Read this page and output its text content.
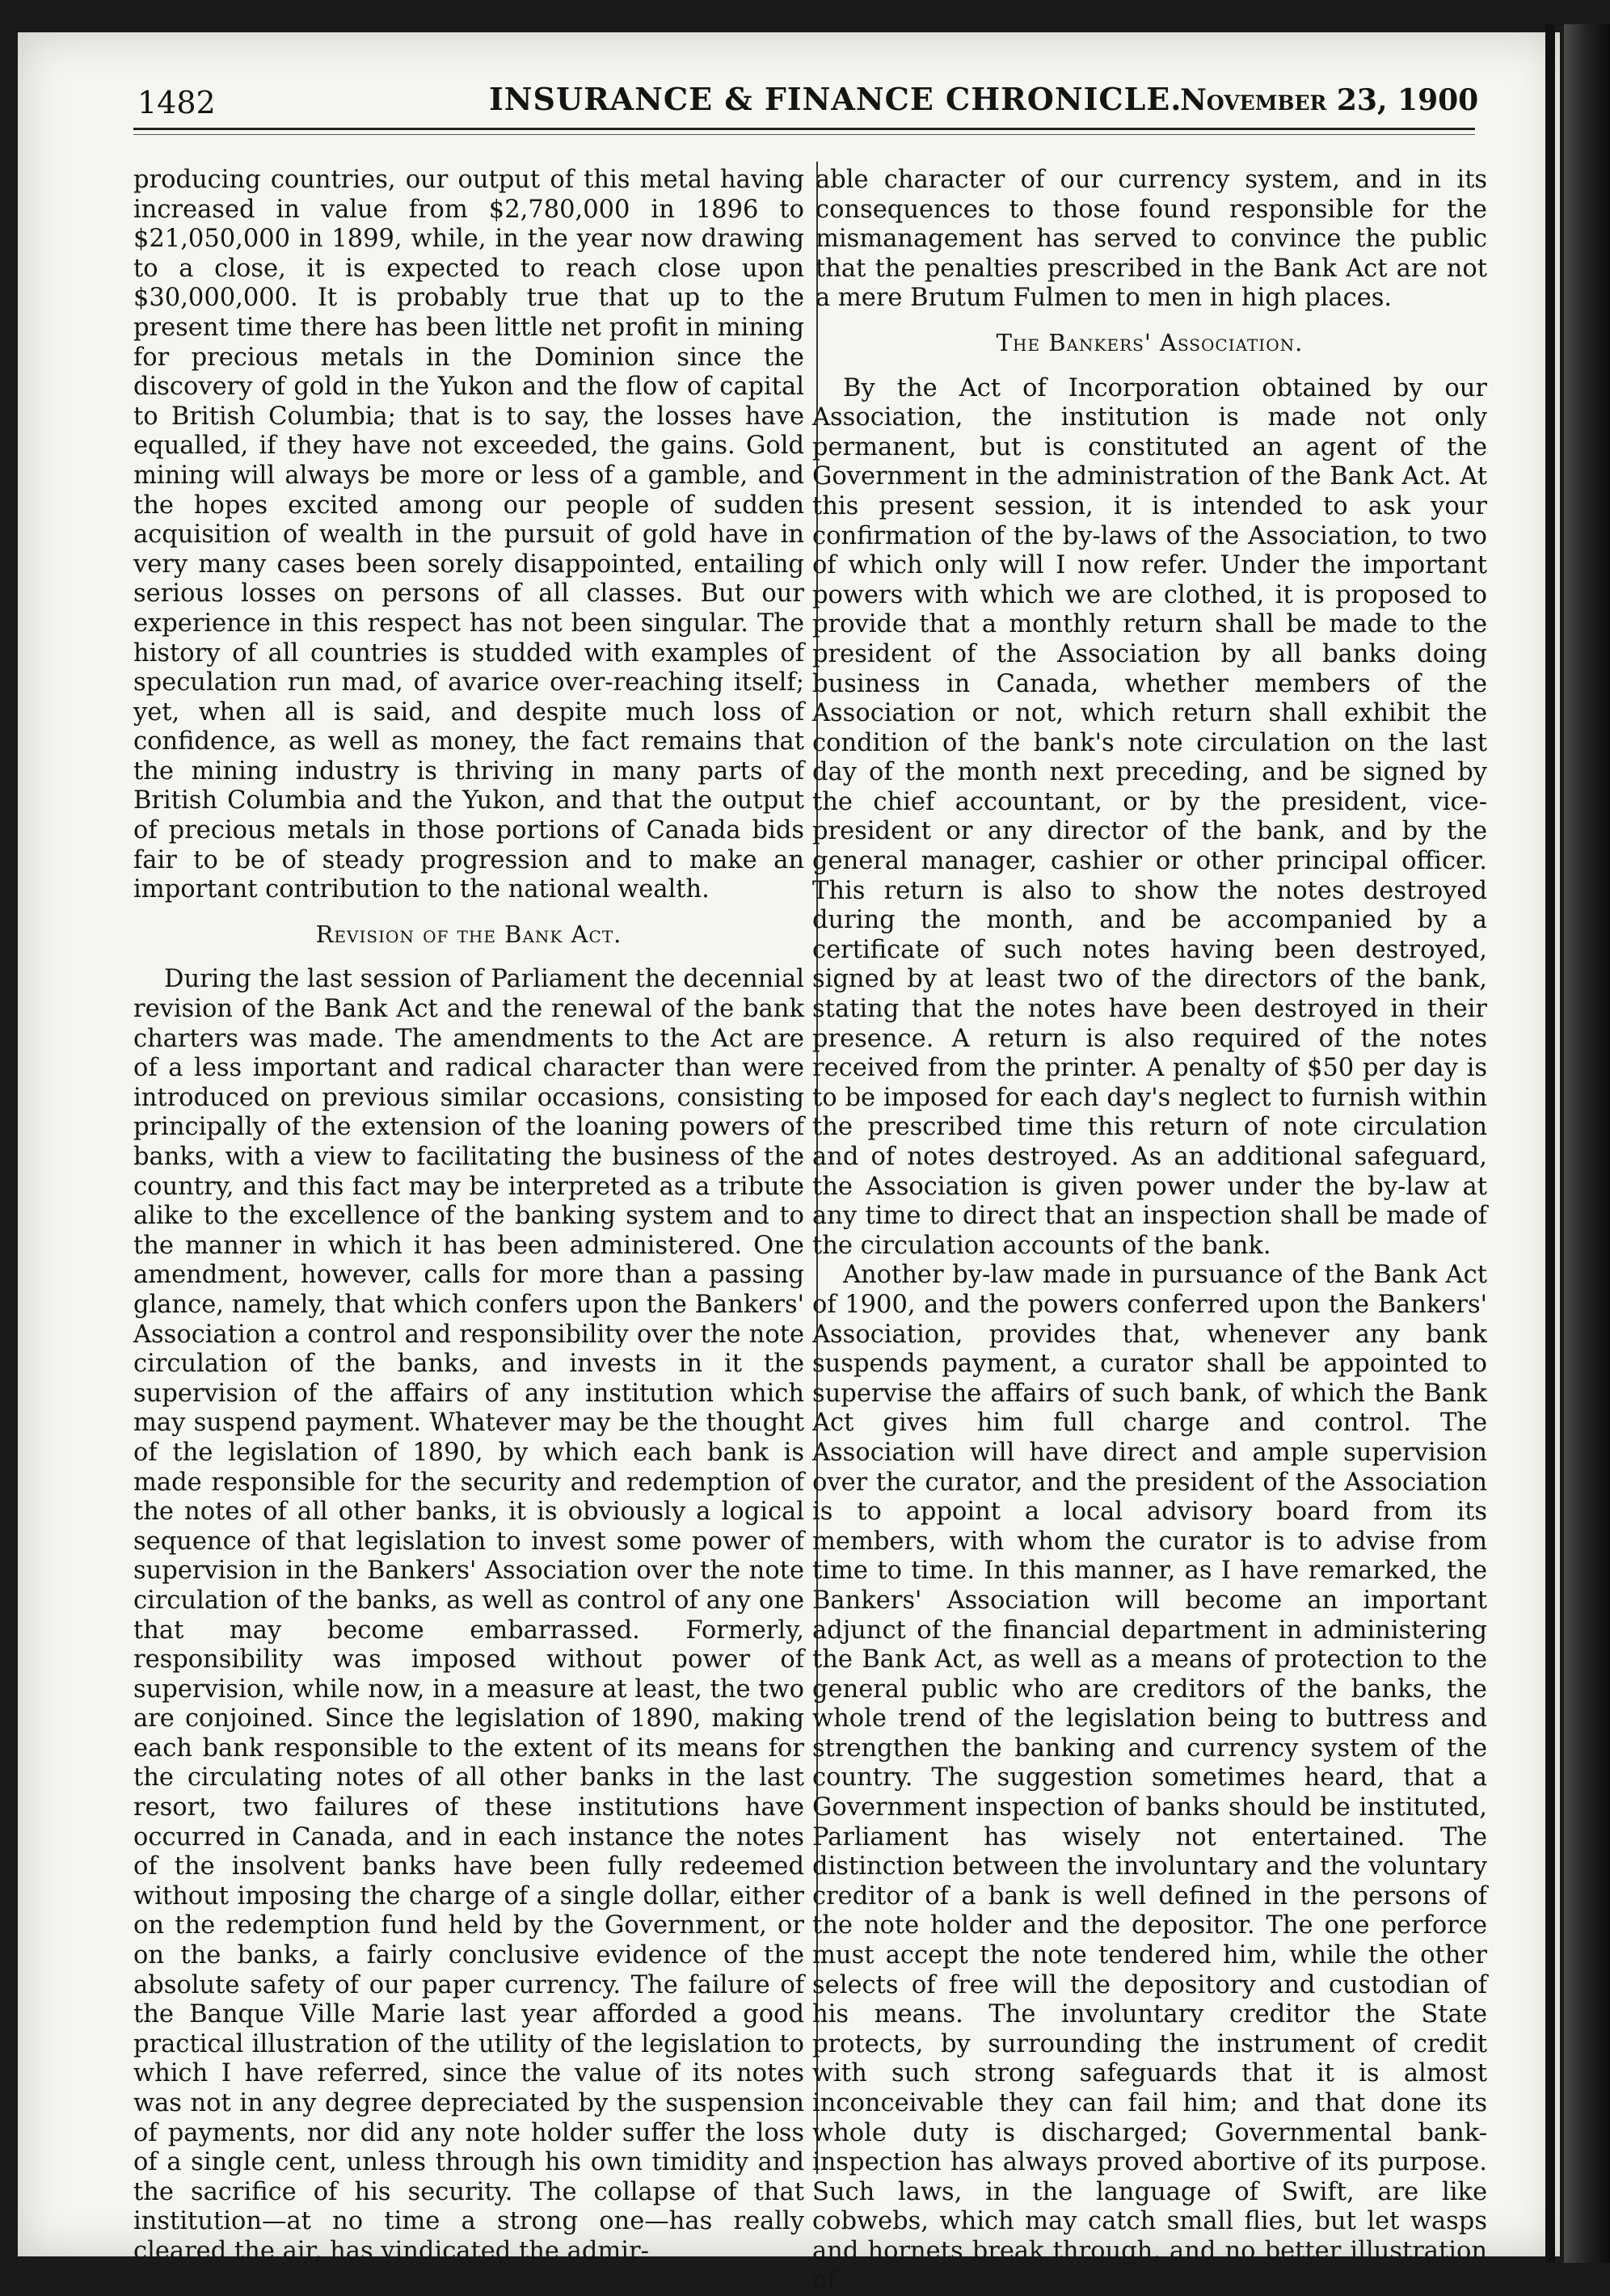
1482	INSURANCE & FINANCE CHRONICLE.
November 23, 1900

producing countries, our output of this metal having increased in value from $2,780,000 in 1896 to $21,050,000 in 1899, while, in the year now drawing to a close, it is expected to reach close upon $30,000,000. It is probably true that up to the present time there has been little net profit in mining for precious metals in the Dominion since the discovery of gold in the Yukon and the flow of capital to British Columbia; that is to say, the losses have equalled, if they have not exceeded, the gains. Gold mining will always be more or less of a gamble, and the hopes excited among our people of sudden acquisition of wealth in the pursuit of gold have in very many cases been sorely disappointed, entailing serious losses on persons of all classes. But our experience in this respect has not been singular. The history of all countries is studded with examples of speculation run mad, of avarice over-reaching itself; yet, when all is said, and despite much loss of confidence, as well as money, the fact remains that the mining industry is thriving in many parts of British Columbia and the Yukon, and that the output of precious metals in those portions of Canada bids fair to be of steady progression and to make an important contribution to the national wealth.

Revision of the Bank Act.

During the last session of Parliament the decennial revision of the Bank Act and the renewal of the bank charters was made. The amendments to the Act are of a less important and radical character than were introduced on previous similar occasions, consisting principally of the extension of the loaning powers of banks, with a view to facilitating the business of the country, and this fact may be interpreted as a tribute alike to the excellence of the banking system and to the manner in which it has been administered. One amendment, however, calls for more than a passing glance, namely, that which confers upon the Bankers' Association a control and responsibility over the note circulation of the banks, and invests in it the supervision of the affairs of any institution which may suspend payment. Whatever may be the thought of the legislation of 1890, by which each bank is made responsible for the security and redemption of the notes of all other banks, it is obviously a logical sequence of that legislation to invest some power of supervision in the Bankers' Association over the note circulation of the banks, as well as control of any one that may become embarrassed. Formerly, responsibility was imposed without power of supervision, while now, in a measure at least, the two are conjoined. Since the legislation of 1890, making each bank responsible to the extent of its means for the circulating notes of all other banks in the last resort, two failures of these institutions have occurred in Canada, and in each instance the notes of the insolvent banks have been fully redeemed without imposing the charge of a single dollar, either on the redemption fund held by the Government, or on the banks, a fairly conclusive evidence of the absolute safety of our paper currency. The failure of the Banque Ville Marie last year afforded a good practical illustration of the utility of the legislation to which I have referred, since the value of its notes was not in any degree depreciated by the suspension of payments, nor did any note holder suffer the loss of a single cent, unless through his own timidity and the sacrifice of his security. The collapse of that institution—at no time a strong one—has really cleared the air, has vindicated the admir-

able character of our currency system, and in its consequences to those found responsible for the mismanagement has served to convince the public that the penalties prescribed in the Bank Act are not a mere Brutum Fulmen to men in high places.

The Bankers' Association.

By the Act of Incorporation obtained by our Association, the institution is made not only permanent, but is constituted an agent of the Government in the administration of the Bank Act. At this present session, it is intended to ask your confirmation of the by-laws of the Association, to two of which only will I now refer. Under the important powers with which we are clothed, it is proposed to provide that a monthly return shall be made to the president of the Association by all banks doing business in Canada, whether members of the Association or not, which return shall exhibit the condition of the bank's note circulation on the last day of the month next preceding, and be signed by the chief accountant, or by the president, vice-president or any director of the bank, and by the general manager, cashier or other principal officer. This return is also to show the notes destroyed during the month, and be accompanied by a certificate of such notes having been destroyed, signed by at least two of the directors of the bank, stating that the notes have been destroyed in their presence. A return is also required of the notes received from the printer. A penalty of $50 per day is to be imposed for each day's neglect to furnish within the prescribed time this return of note circulation and of notes destroyed. As an additional safeguard, the Association is given power under the by-law at any time to direct that an inspection shall be made of the circulation accounts of the bank.

Another by-law made in pursuance of the Bank Act of 1900, and the powers conferred upon the Bankers' Association, provides that, whenever any bank suspends payment, a curator shall be appointed to supervise the affairs of such bank, of which the Bank Act gives him full charge and control. The Association will have direct and ample supervision over the curator, and the president of the Association is to appoint a local advisory board from its members, with whom the curator is to advise from time to time. In this manner, as I have remarked, the Bankers' Association will become an important adjunct of the financial department in administering the Bank Act, as well as a means of protection to the general public who are creditors of the banks, the whole trend of the legislation being to buttress and strengthen the banking and currency system of the country. The suggestion sometimes heard, that a Government inspection of banks should be instituted, Parliament has wisely not entertained. The distinction between the involuntary and the voluntary creditor of a bank is well defined in the persons of the note holder and the depositor. The one perforce must accept the note tendered him, while the other selects of free will the depository and custodian of his means. The involuntary creditor the State protects, by surrounding the instrument of credit with such strong safeguards that it is almost inconceivable they can fail him; and that done its whole duty is discharged; Governmental bank-inspection has always proved abortive of its purpose. Such laws, in the language of Swift, are like cobwebs, which may catch small flies, but let wasps and hornets break through, and no better illustration of
